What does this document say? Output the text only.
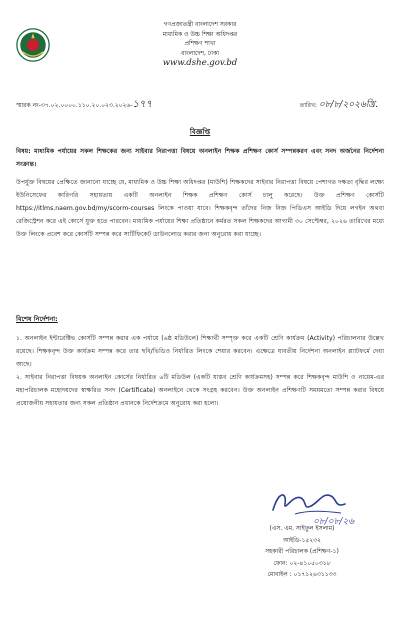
গণপ্রজাতন্ত্রী বাংলাদেশ সরকার
মাধ্যমিক ও উচ্চ শিক্ষা অধিদপ্তর
প্রশিক্ষণ শাখা
বাংলাদেশ, ঢাকা
www.dshe.gov.bd
স্মারক নং-৩৭.০২.০০০০.১১০.২০.০২৩.২০২৬-১৭৭	তারিখ: ০৮/৮/২০২৬খ্রি.
বিজ্ঞপ্তি
বিষয়: মাধ্যমিক পর্যায়ের সকল শিক্ষকের জন্য সাইবার নিরাপত্তা বিষয়ে অনলাইন শিক্ষক প্রশিক্ষণ কোর্স সম্পন্নকরণ এবং সনদ অর্জনের নির্দেশনা সংক্রান্ত।
উপর্যুক্ত বিষয়ের প্রেক্ষিতে জানানো যাচ্ছে যে, মাধ্যমিক ও উচ্চ শিক্ষা অধিদপ্তর (মাউশি) শিক্ষকদের সাইবার নিরাপত্তা বিষয়ে পেশাগত দক্ষতা বৃদ্ধির লক্ষ্যে ইউনিসেফের কারিগরি সহায়তায় একটি অনলাইন শিক্ষক প্রশিক্ষণ কোর্স চালু করেছে। উক্ত প্রশিক্ষণ কোর্সটি https://itlms.naem.gov.bd/my/scorm-courses লিংকে পাওয়া যাবে। শিক্ষকবৃন্দ তাঁদের নিজ নিজ পিডিএস আইডি দিয়ে লগইন অথবা রেজিস্ট্রেশন করে এই কোর্সে যুক্ত হতে পারবেন। মাধ্যমিক পর্যায়ের শিক্ষা প্রতিষ্ঠানে কর্মরত সকল শিক্ষকদের আগামী ৩০ সেপ্টেম্বর, ২০২৬ তারিখের মধ্যে উক্ত লিংকে প্রবেশ করে কোর্সটি সম্পন্ন করে সার্টিফিকেট ডাউনলোড করার জন্য অনুরোধ করা যাচ্ছে।
বিশেষ নির্দেশনা:
১. অনলাইন ইন্টারেক্টিভ কোর্সটি সম্পন্ন করার এক পর্যায়ে (৬ষ্ঠ মডিউলে) শিক্ষার্থী সম্পৃক্ত করে একটি শ্রেণি কার্যক্রম (Activity) পরিচালনার উল্লেখ রয়েছে। শিক্ষকবৃন্দ উক্ত কার্যক্রম সম্পন্ন করে তার ছবি/ভিডিও নির্ধারিত লিংকে শেয়ার করবেন। এক্ষেত্রে যাবতীয় নির্দেশনা অনলাইন প্ল্যাটফর্মে দেয়া আছে।
২. সাইবার নিরাপত্তা বিষয়ক অনলাইন কোর্সের নির্ধারিত ৬টি মডিউল (একটি যাস্তব শ্রেণি কার্যক্রমসহ) সম্পন্ন করে শিক্ষকবৃন্দ মাউশি ও নায়েম-এর মহাপরিচালক মহোদয়দের স্বাক্ষরিত সনদ (Certificate) অনলাইনে থেকে সংগ্রহ করবেন। উক্ত অনলাইন প্রশিক্ষণটি সময়মতো সম্পন্ন করার বিষয়ে প্রয়োজনীয় সহায়তার জন্য সকল প্রতিষ্ঠান প্রধানকে নির্দেশক্রমে অনুরোধ করা হলো।
০৮/০৮/২৬
(এস. এম. সাইফুল ইসলাম)
আইডি-১৫২৩২
সহকারী পরিচালক (প্রশিক্ষণ-১)
ফোন: ০২-৪১০৫০৩১৮
মোবাইল : ০১৭১২৬৩১১৩৩
